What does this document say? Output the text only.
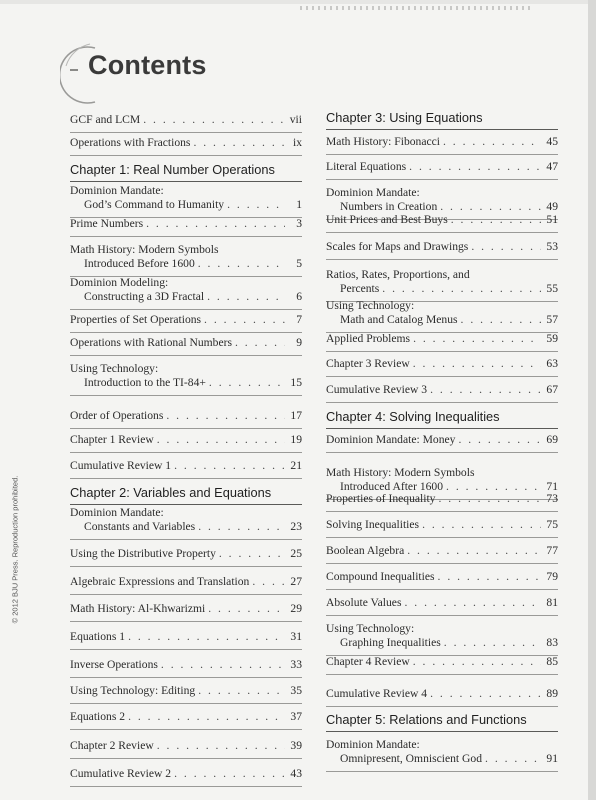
Contents
© 2012 BJU Press. Reproduction prohibited.
GCF and LCM . . .	vii
Operations with Fractions . . .	ix
Chapter 1: Real Number Operations
Dominion Mandate:
God’s Command to Humanity . . .	1
Prime Numbers . . .	3
Math History: Modern Symbols
Introduced Before 1600 . . .	5
Dominion Modeling:
Constructing a 3D Fractal . . .	6
Properties of Set Operations . . .	7
Operations with Rational Numbers . . .	9
Using Technology:
Introduction to the TI-84+ . . .	15
Order of Operations . . .	17
Chapter 1 Review . . .	19
Cumulative Review 1 . . .	21
Chapter 2: Variables and Equations
Dominion Mandate:
Constants and Variables . . .	23
Using the Distributive Property . . .	25
Algebraic Expressions and Translation . . .	27
Math History: Al-Khwarizmi . . .	29
Equations 1 . . .	31
Inverse Operations . . .	33
Using Technology: Editing . . .	35
Equations 2 . . .	37
Chapter 2 Review . . .	39
Cumulative Review 2 . . .	43
Chapter 3: Using Equations
Math History: Fibonacci . . .	45
Literal Equations . . .	47
Dominion Mandate:
Numbers in Creation . . .	49
Unit Prices and Best Buys . . .	51
Scales for Maps and Drawings . . .	53
Ratios, Rates, Proportions, and
Percents . . .	55
Using Technology:
Math and Catalog Menus . . .	57
Applied Problems . . .	59
Chapter 3 Review . . .	63
Cumulative Review 3 . . .	67
Chapter 4: Solving Inequalities
Dominion Mandate: Money . . .	69
Math History: Modern Symbols
Introduced After 1600 . . .	71
Properties of Inequality . . .	73
Solving Inequalities . . .	75
Boolean Algebra . . .	77
Compound Inequalities . . .	79
Absolute Values . . .	81
Using Technology:
Graphing Inequalities . . .	83
Chapter 4 Review . . .	85
Cumulative Review 4 . . .	89
Chapter 5: Relations and Functions
Dominion Mandate:
Omnipresent, Omniscient God . . .	91
